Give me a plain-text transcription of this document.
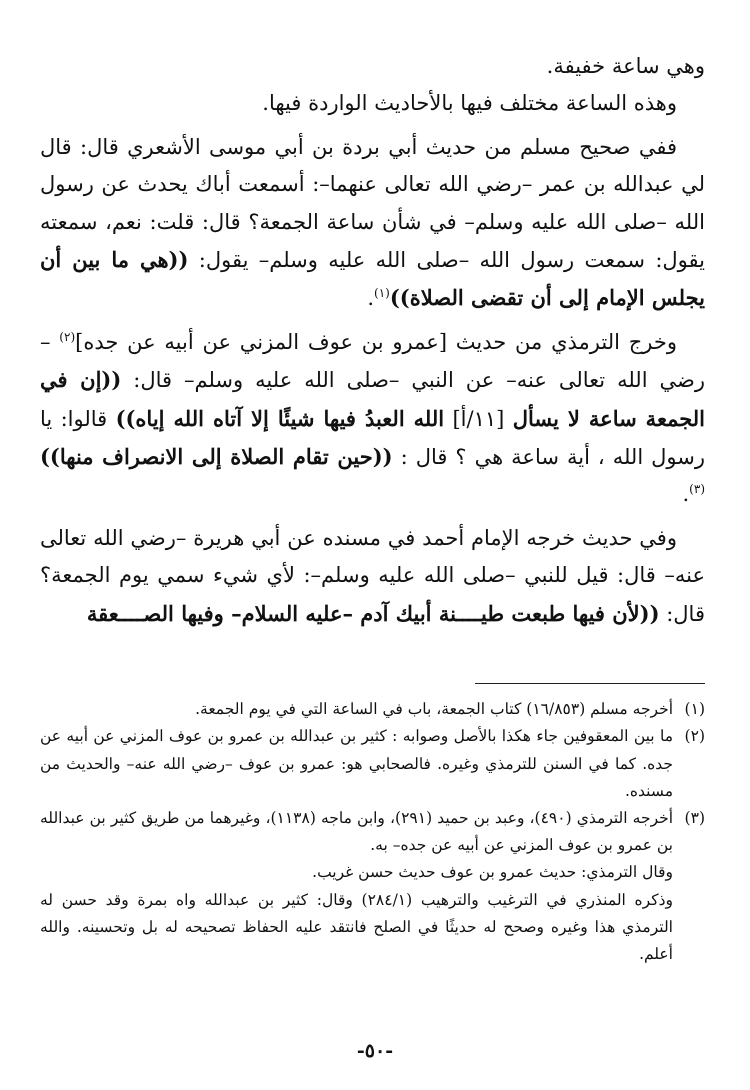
وهي ساعة خفيفة.

وهذه الساعة مختلف فيها بالأحاديث الواردة فيها.

ففي صحيح مسلم من حديث أبي بردة بن أبي موسى الأشعري قال: قال لي عبدالله بن عمر –رضي الله تعالى عنهما–: أسمعت أباك يحدث عن رسول الله –صلى الله عليه وسلم– في شأن ساعة الجمعة؟ قال: قلت: نعم، سمعته يقول: سمعت رسول الله –صلى الله عليه وسلم– يقول: ((هي ما بين أن يجلس الإمام إلى أن تقضى الصلاة))$^{(١)}$.

وخرج الترمذي من حديث [عمرو بن عوف المزني عن أبيه عن جده]$^{(٢)}$ –رضي الله تعالى عنه– عن النبي –صلى الله عليه وسلم– قال: ((إن في الجمعة ساعة لا يسأل [١١/أ] الله العبدُ فيها شيئًا إلا آتاه الله إياه)) قالوا: يا رسول الله ، أية ساعة هي ؟ قال : ((حين تقام الصلاة إلى الانصراف منها))$^{(٣)}$.

وفي حديث خرجه الإمام أحمد في مسنده عن أبي هريرة –رضي الله تعالى عنه– قال: قيل للنبي –صلى الله عليه وسلم–: لأي شيء سمي يوم الجمعة؟ قال: ((لأن فيها طبعت طيــــنة أبيك آدم –عليه السلام– وفيها الصــــعقة

(١)

أخرجه مسلم (١٦/٨٥٣) كتاب الجمعة، باب في الساعة التي في يوم الجمعة.

(٢)

ما بين المعقوفين جاء هكذا بالأصل وصوابه : كثير بن عبدالله بن عمرو بن عوف المزني عن أبيه عن جده. كما في السنن للترمذي وغيره. فالصحابي هو: عمرو بن عوف –رضي الله عنه– والحديث من مسنده.

(٣)

أخرجه الترمذي (٤٩٠)، وعبد بن حميد (٢٩١)، وابن ماجه (١١٣٨)، وغيرهما من طريق كثير بن عبدالله بن عمرو بن عوف المزني عن أبيه عن جده– به.

وقال الترمذي: حديث عمرو بن عوف حديث حسن غريب.

وذكره المنذري في الترغيب والترهيب (٢٨٤/١) وقال: كثير بن عبدالله واه بمرة وقد حسن له الترمذي هذا وغيره وصحح له حديثًا في الصلح فانتقد عليه الحفاظ تصحيحه له بل وتحسينه. والله أعلم.

-٥٠-
